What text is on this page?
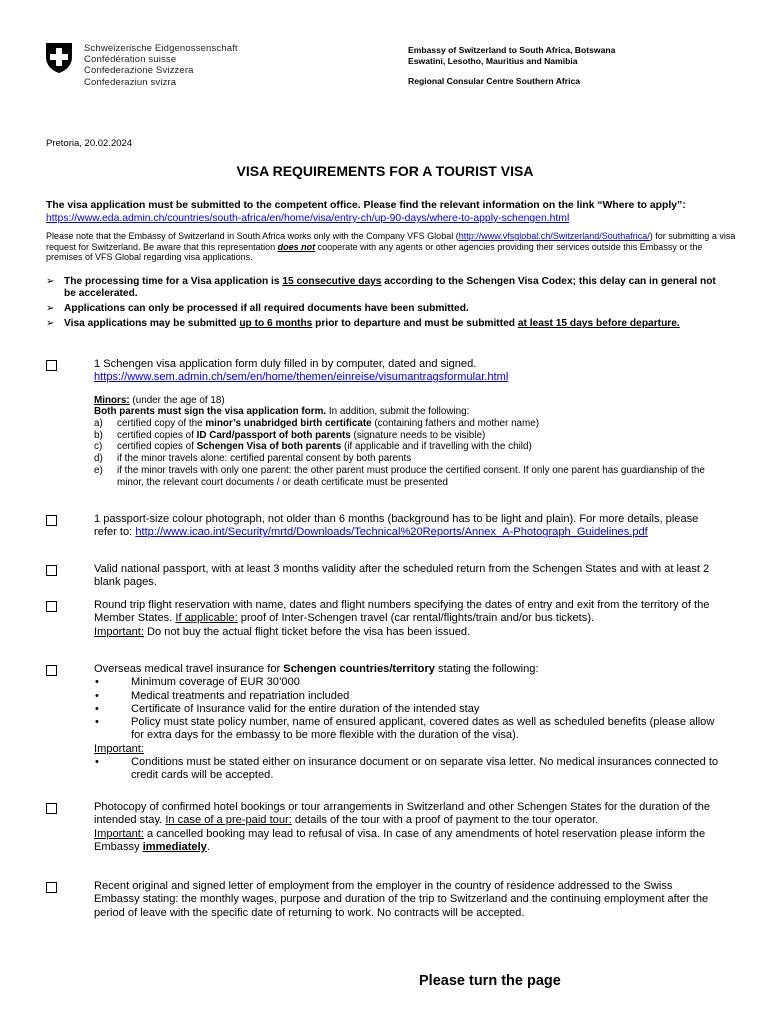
Schweizerische Eidgenossenschaft
Confédération suisse
Confederazione Svizzera
Confederaziun svizra
Embassy of Switzerland to South Africa, Botswana
Eswatini, Lesotho, Mauritius and Namibia
Regional Consular Centre Southern Africa
Pretoria, 20.02.2024
VISA REQUIREMENTS FOR A TOURIST VISA
The visa application must be submitted to the competent office. Please find the relevant information on the link “Where to apply”: https://www.eda.admin.ch/countries/south-africa/en/home/visa/entry-ch/up-90-days/where-to-apply-schengen.html
Please note that the Embassy of Switzerland in South Africa works only with the Company VFS Global (http://www.vfsglobal.ch/Switzerland/Southafrica/) for submitting a visa request for Switzerland. Be aware that this representation does not cooperate with any agents or other agencies providing their services outside this Embassy or the premises of VFS Global regarding visa applications.
➢ The processing time for a Visa application is 15 consecutive days according to the Schengen Visa Codex; this delay can in general not be accelerated.
➢ Applications can only be processed if all required documents have been submitted.
➢ Visa applications may be submitted up to 6 months prior to departure and must be submitted at least 15 days before departure.
1 Schengen visa application form duly filled in by computer, dated and signed.
https://www.sem.admin.ch/sem/en/home/themen/einreise/visumantragsformular.html
Minors: (under the age of 18)
Both parents must sign the visa application form. In addition, submit the following:
a)	certified copy of the minor’s unabridged birth certificate (containing fathers and mother name)
b)	certified copies of ID Card/passport of both parents (signature needs to be visible)
c)	certified copies of Schengen Visa of both parents (if applicable and if travelling with the child)
d)	if the minor travels alone: certified parental consent by both parents
e)	if the minor travels with only one parent: the other parent must produce the certified consent. If only one parent has guardianship of the minor, the relevant court documents / or death certificate must be presented
1 passport-size colour photograph, not older than 6 months (background has to be light and plain). For more details, please refer to: http://www.icao.int/Security/mrtd/Downloads/Technical%20Reports/Annex_A-Photograph_Guidelines.pdf
Valid national passport, with at least 3 months validity after the scheduled return from the Schengen States and with at least 2 blank pages.
Round trip flight reservation with name, dates and flight numbers specifying the dates of entry and exit from the territory of the Member States. If applicable: proof of Inter-Schengen travel (car rental/flights/train and/or bus tickets).
Important: Do not buy the actual flight ticket before the visa has been issued.
Overseas medical travel insurance for Schengen countries/territory stating the following:
•	Minimum coverage of EUR 30’000
•	Medical treatments and repatriation included
•	Certificate of Insurance valid for the entire duration of the intended stay
•	Policy must state policy number, name of ensured applicant, covered dates as well as scheduled benefits (please allow for extra days for the embassy to be more flexible with the duration of the visa).
Important:
•	Conditions must be stated either on insurance document or on separate visa letter. No medical insurances connected to credit cards will be accepted.
Photocopy of confirmed hotel bookings or tour arrangements in Switzerland and other Schengen States for the duration of the intended stay. In case of a pre-paid tour: details of the tour with a proof of payment to the tour operator.
Important: a cancelled booking may lead to refusal of visa. In case of any amendments of hotel reservation please inform the Embassy immediately.
Recent original and signed letter of employment from the employer in the country of residence addressed to the Swiss Embassy stating: the monthly wages, purpose and duration of the trip to Switzerland and the continuing employment after the period of leave with the specific date of returning to work. No contracts will be accepted.
Please turn the page
